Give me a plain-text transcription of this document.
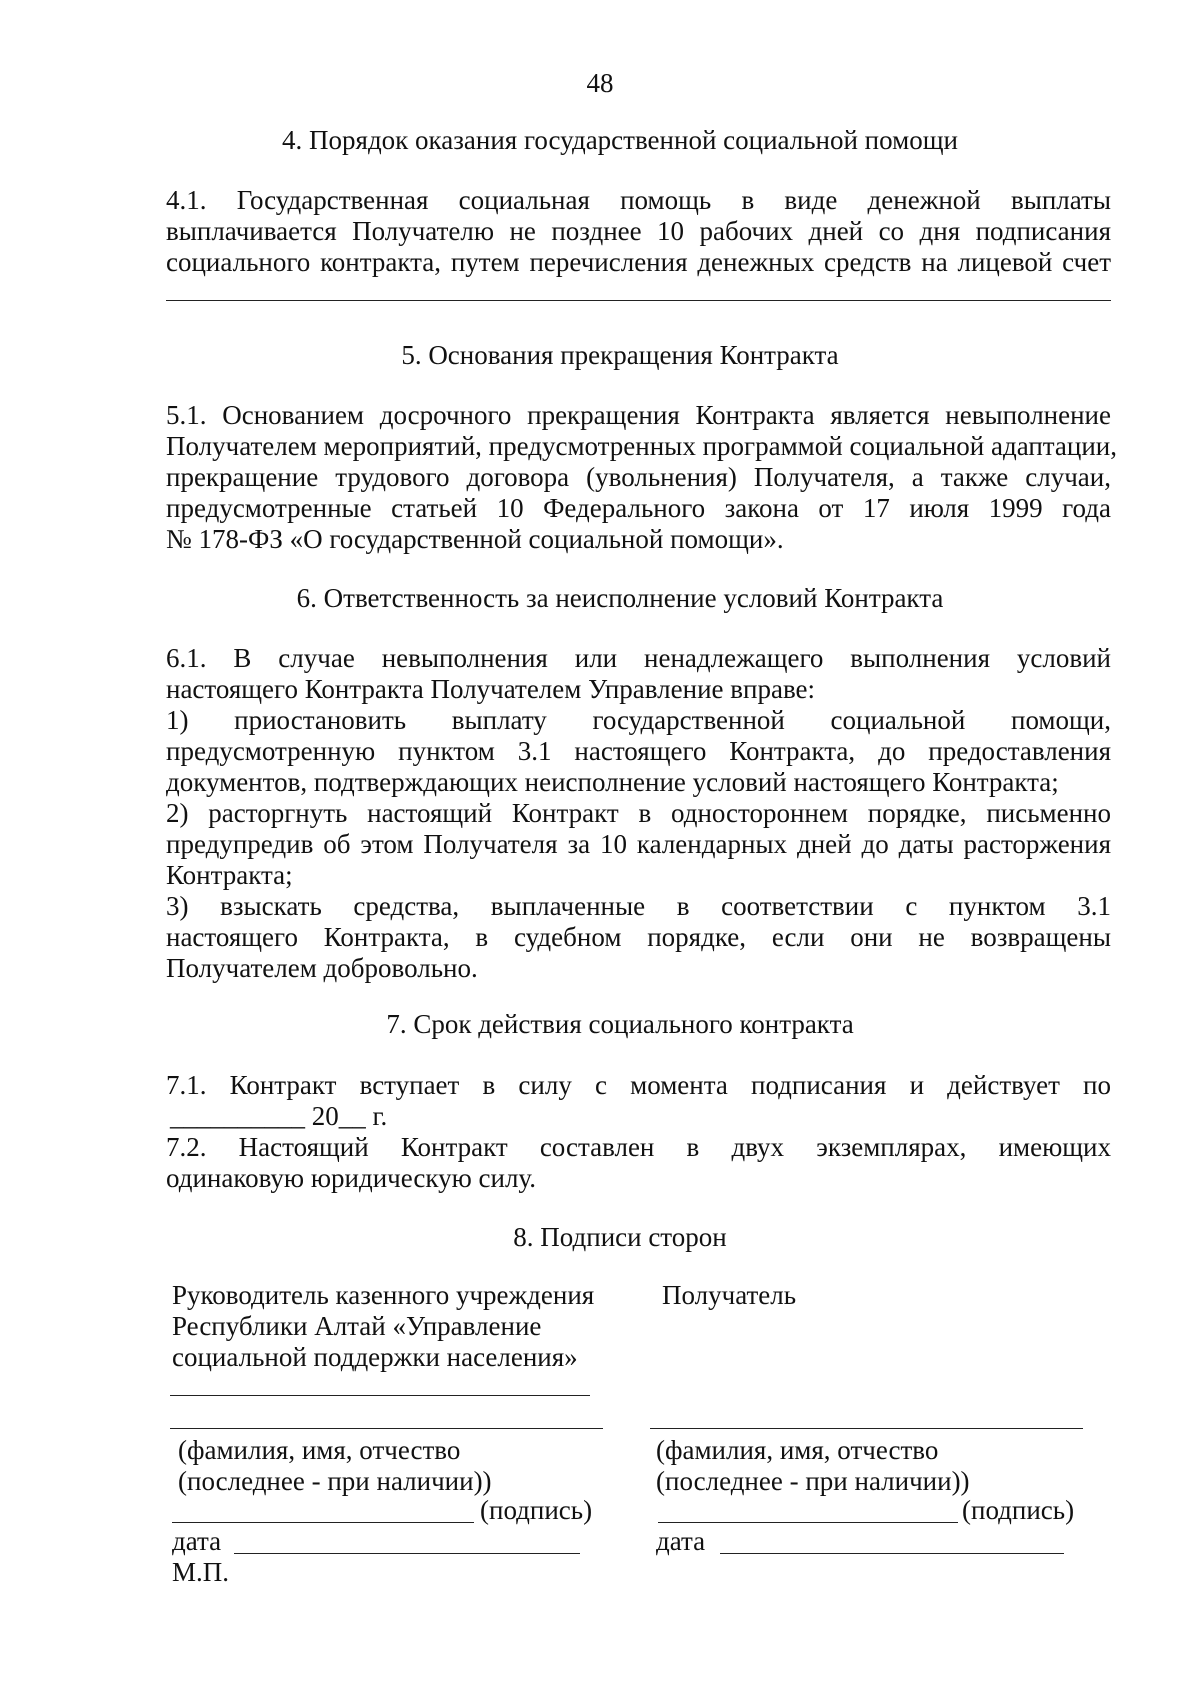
48
4. Порядок оказания государственной социальной помощи
4.1. Государственная социальная помощь в виде денежной выплаты
выплачивается Получателю не позднее 10 рабочих дней со дня подписания
социального контракта, путем перечисления денежных средств на лицевой счет
5. Основания прекращения Контракта
5.1. Основанием досрочного прекращения Контракта является невыполнение
Получателем мероприятий, предусмотренных программой социальной адаптации,
прекращение трудового договора (увольнения) Получателя, а также случаи,
предусмотренные статьей 10 Федерального закона от 17 июля 1999 года
№ 178-ФЗ «О государственной социальной помощи».
6. Ответственность за неисполнение условий Контракта
6.1. В случае невыполнения или ненадлежащего выполнения условий
настоящего Контракта Получателем Управление вправе:
1) приостановить выплату государственной социальной помощи,
предусмотренную пунктом 3.1 настоящего Контракта, до предоставления
документов, подтверждающих неисполнение условий настоящего Контракта;
2) расторгнуть настоящий Контракт в одностороннем порядке, письменно
предупредив об этом Получателя за 10 календарных дней до даты расторжения
Контракта;
3) взыскать средства, выплаченные в соответствии с пунктом 3.1
настоящего Контракта, в судебном порядке, если они не возвращены
Получателем добровольно.
7. Срок действия социального контракта
7.1. Контракт вступает в силу с момента подписания и действует по
__________ 20__ г.
7.2. Настоящий Контракт составлен в двух экземплярах, имеющих
одинаковую юридическую силу.
8. Подписи сторон
Руководитель казенного учреждения
Республики Алтай «Управление
социальной поддержки населения»
(фамилия, имя, отчество
(последнее - при наличии))
(подпись)
дата
М.П.
Получатель
(фамилия, имя, отчество
(последнее - при наличии))
(подпись)
дата
